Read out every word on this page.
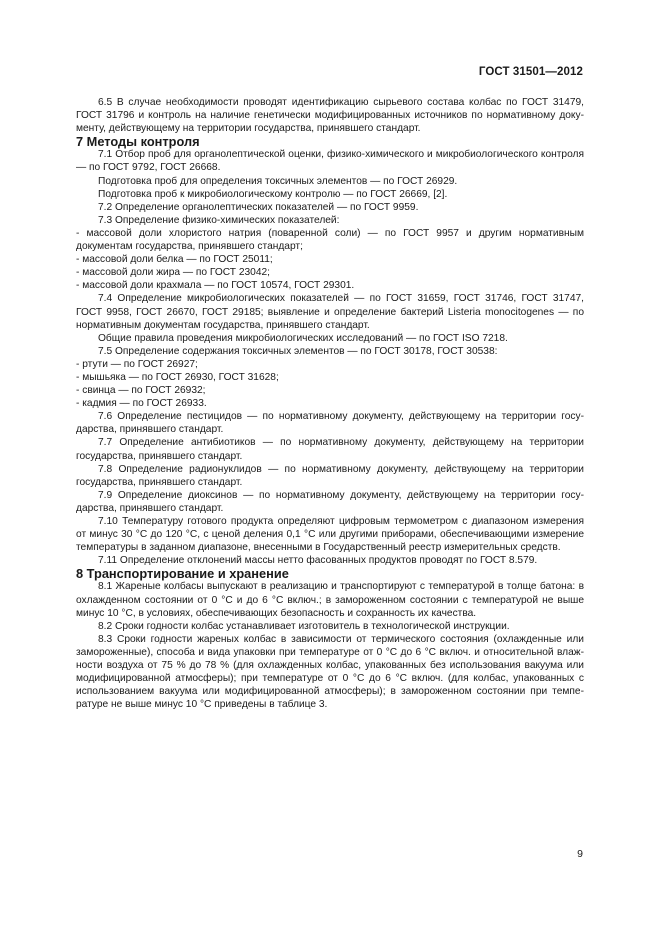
ГОСТ 31501—2012

6.5 В случае необходимости проводят идентификацию сырьевого состава колбас по ГОСТ 31479, ГОСТ 31796 и контроль на наличие генетически модифицированных источников по нормативному документу, действующему на территории государства, принявшего стандарт.

7 Методы контроля

7.1 Отбор проб для органолептической оценки, физико-химического и микробиологического контроля — по ГОСТ 9792, ГОСТ 26668.

Подготовка проб для определения токсичных элементов — по ГОСТ 26929.

Подготовка проб к микробиологическому контролю — по ГОСТ 26669, [2].

7.2 Определение органолептических показателей — по ГОСТ 9959.

7.3 Определение физико-химических показателей:

- массовой доли хлористого натрия (поваренной соли) — по ГОСТ 9957 и другим нормативным документам государства, принявшего стандарт;

- массовой доли белка — по ГОСТ 25011;

- массовой доли жира — по ГОСТ 23042;

- массовой доли крахмала — по ГОСТ 10574, ГОСТ 29301.

7.4 Определение микробиологических показателей — по ГОСТ 31659, ГОСТ 31746, ГОСТ 31747, ГОСТ 9958, ГОСТ 26670, ГОСТ 29185; выявление и определение бактерий Listeria monocitogenes — по нормативным документам государства, принявшего стандарт.

Общие правила проведения микробиологических исследований — по ГОСТ ISO 7218.

7.5 Определение содержания токсичных элементов — по ГОСТ 30178, ГОСТ 30538:

- ртути — по ГОСТ 26927;

- мышьяка — по ГОСТ 26930, ГОСТ 31628;

- свинца — по ГОСТ 26932;

- кадмия — по ГОСТ 26933.

7.6 Определение пестицидов — по нормативному документу, действующему на территории государства, принявшего стандарт.

7.7 Определение антибиотиков — по нормативному документу, действующему на территории государства, принявшего стандарт.

7.8 Определение радионуклидов — по нормативному документу, действующему на территории государства, принявшего стандарт.

7.9 Определение диоксинов — по нормативному документу, действующему на территории государства, принявшего стандарт.

7.10 Температуру готового продукта определяют цифровым термометром с диапазоном измерения от минус 30 °С до 120 °С, с ценой деления 0,1 °С или другими приборами, обеспечивающими измерение температуры в заданном диапазоне, внесенными в Государственный реестр измерительных средств.

7.11 Определение отклонений массы нетто фасованных продуктов проводят по ГОСТ 8.579.

8 Транспортирование и хранение

8.1 Жареные колбасы выпускают в реализацию и транспортируют с температурой в толще батона: в охлажденном состоянии от 0 °С и до 6 °С включ.; в замороженном состоянии с температурой не выше минус 10 °С, в условиях, обеспечивающих безопасность и сохранность их качества.

8.2 Сроки годности колбас устанавливает изготовитель в технологической инструкции.

8.3 Сроки годности жареных колбас в зависимости от термического состояния (охлажденные или замороженные), способа и вида упаковки при температуре от 0 °С до 6 °С включ. и относительной влажности воздуха от 75 % до 78 % (для охлажденных колбас, упакованных без использования вакуума или модифицированной атмосферы); при температуре от 0 °С до 6 °С включ. (для колбас, упакованных с использованием вакуума или модифицированной атмосферы); в замороженном состоянии при температуре не выше минус 10 °С приведены в таблице 3.

9
